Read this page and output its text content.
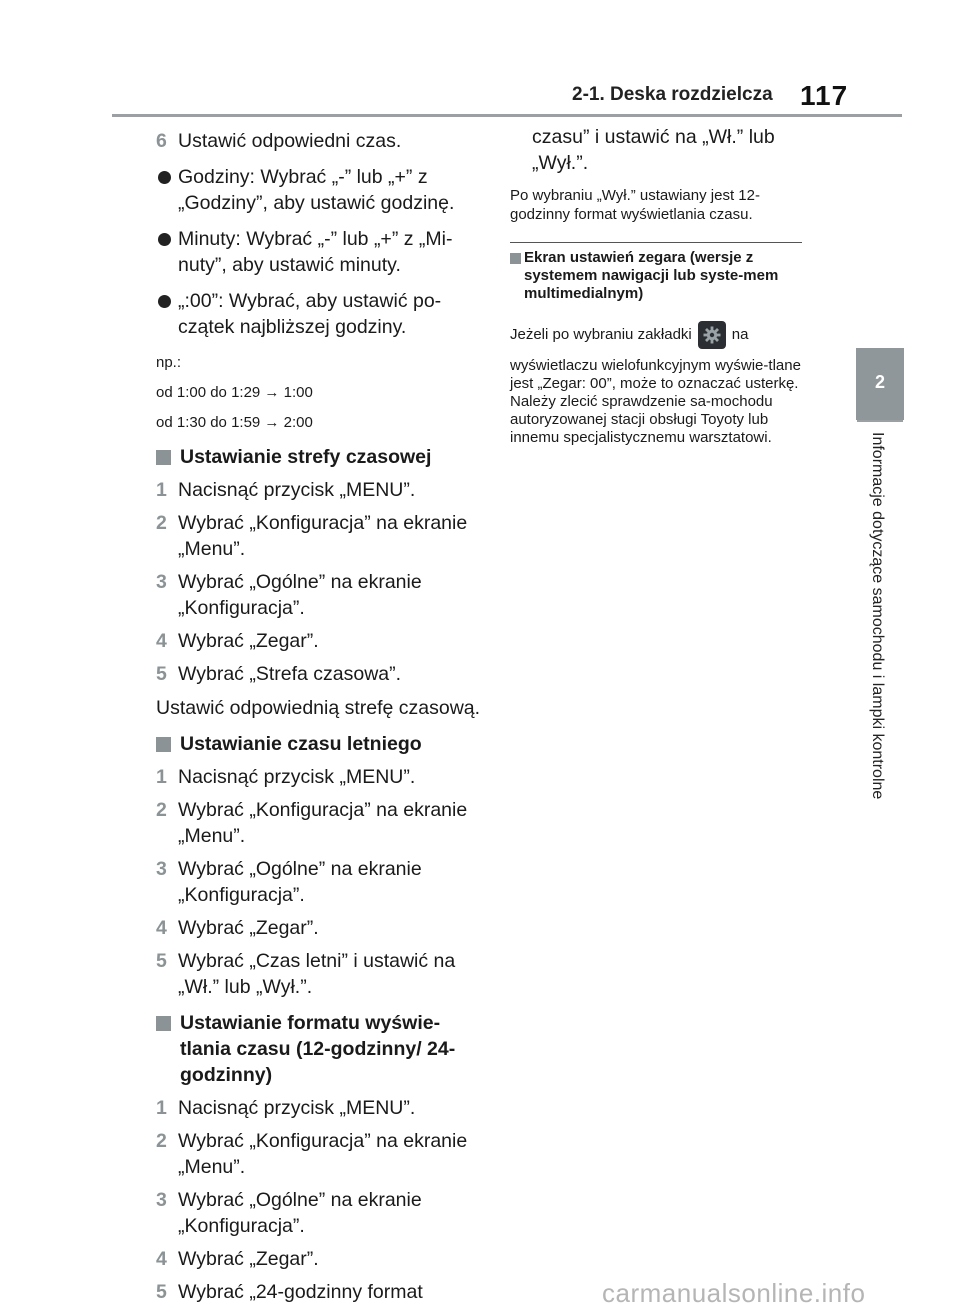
2-1. Deska rozdzielcza 117
2
Informacje dotyczące samochodu i lampki kontrolne
6 Ustawić odpowiedni czas.
Godziny: Wybrać „-” lub „+” z „Godziny”, aby ustawić godzinę.
Minuty: Wybrać „-” lub „+” z „Mi-nuty”, aby ustawić minuty.
„:00”: Wybrać, aby ustawić po-czątek najbliższej godziny.
np.:
od 1:00 do 1:29 → 1:00
od 1:30 do 1:59 → 2:00
Ustawianie strefy czasowej
1 Nacisnąć przycisk „MENU”.
2 Wybrać „Konfiguracja” na ekranie „Menu”.
3 Wybrać „Ogólne” na ekranie „Konfiguracja”.
4 Wybrać „Zegar”.
5 Wybrać „Strefa czasowa”.
Ustawić odpowiednią strefę czasową.
Ustawianie czasu letniego
1 Nacisnąć przycisk „MENU”.
2 Wybrać „Konfiguracja” na ekranie „Menu”.
3 Wybrać „Ogólne” na ekranie „Konfiguracja”.
4 Wybrać „Zegar”.
5 Wybrać „Czas letni” i ustawić na „Wł.” lub „Wył.”.
Ustawianie formatu wyświe-tlania czasu (12-godzinny/ 24-godzinny)
1 Nacisnąć przycisk „MENU”.
2 Wybrać „Konfiguracja” na ekranie „Menu”.
3 Wybrać „Ogólne” na ekranie „Konfiguracja”.
4 Wybrać „Zegar”.
5 Wybrać „24-godzinny format
czasu” i ustawić na „Wł.” lub „Wył.”.
Po wybraniu „Wył.” ustawiany jest 12-godzinny format wyświetlania czasu.
Ekran ustawień zegara (wersje z systemem nawigacji lub syste-mem multimedialnym)
Jeżeli po wybraniu zakładki	na
wyświetlaczu wielofunkcyjnym wyświe-tlane jest „Zegar: 00”, może to oznaczać usterkę. Należy zlecić sprawdzenie sa-mochodu autoryzowanej stacji obsługi Toyoty lub innemu specjalistycznemu warsztatowi.
carmanualsonline.info
